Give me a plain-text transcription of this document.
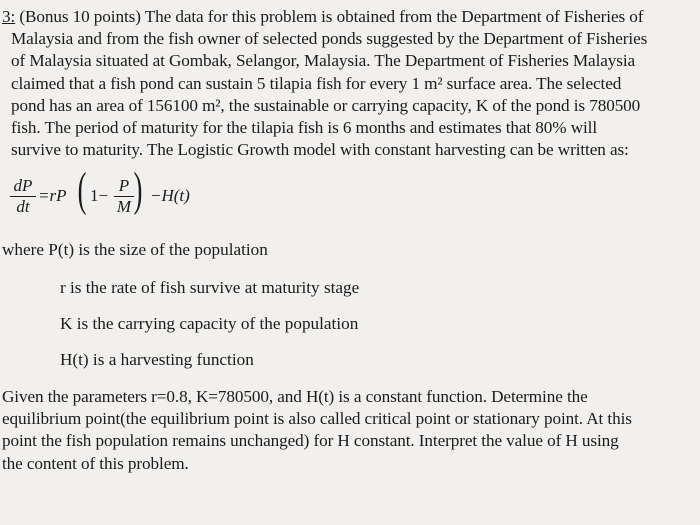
3: (Bonus 10 points) The data for this problem is obtained from the Department of Fisheries of
Malaysia and from the fish owner of selected ponds suggested by the Department of Fisheries
of Malaysia situated at Gombak, Selangor, Malaysia. The Department of Fisheries Malaysia
claimed that a fish pond can sustain 5 tilapia fish for every 1 m² surface area. The selected
pond has an area of 156100 m², the sustainable or carrying capacity, K of the pond is 780500
fish. The period of maturity for the tilapia fish is 6 months and estimates that 80% will
survive to maturity. The Logistic Growth model with constant harvesting can be written as:
dP
dt
=rP ( 1−
P
M ) −H(t)
where P(t) is the size of the population
r is the rate of fish survive at maturity stage
K is the carrying capacity of the population
H(t) is a harvesting function
Given the parameters r=0.8, K=780500, and H(t) is a constant function. Determine the
equilibrium point(the equilibrium point is also called critical point or stationary point. At this
point the fish population remains unchanged) for H constant. Interpret the value of H using
the content of this problem.
